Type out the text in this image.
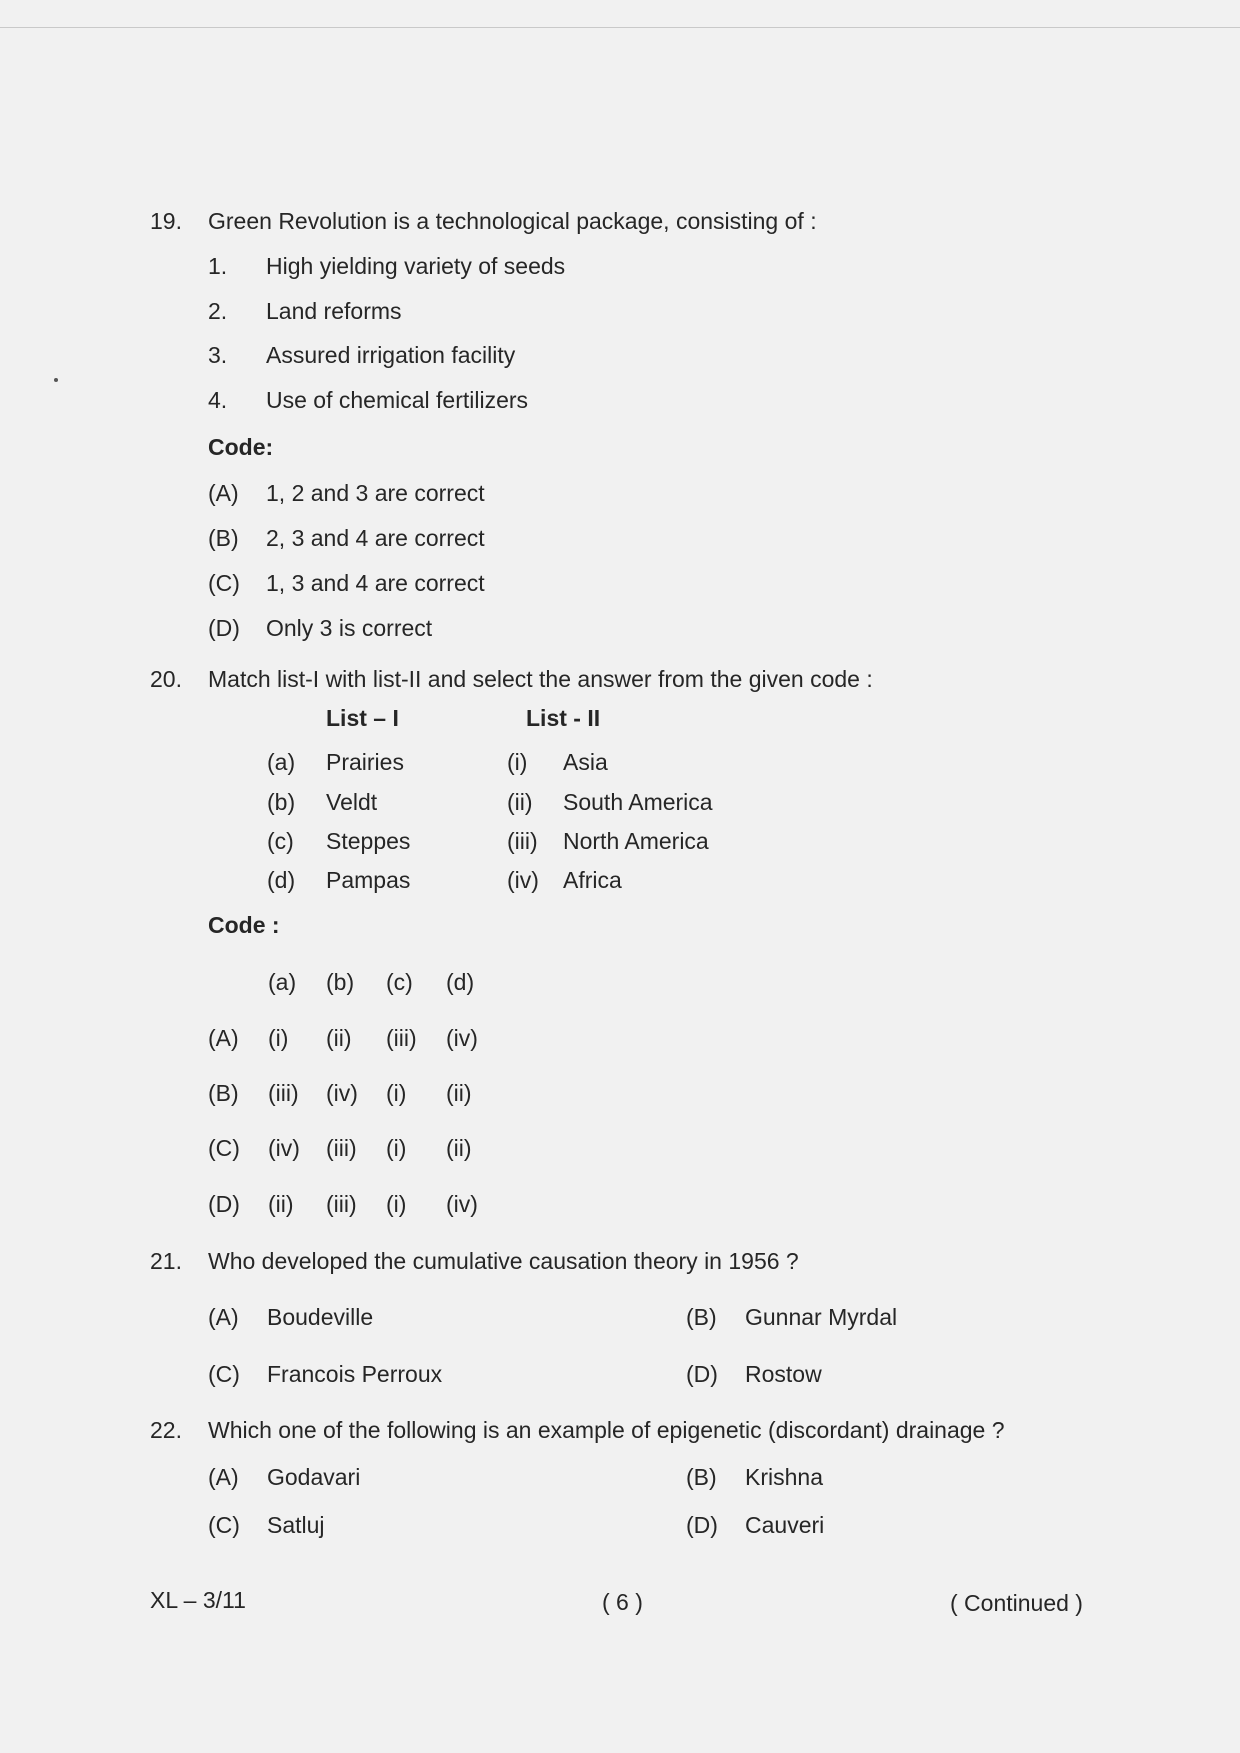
19. Green Revolution is a technological package, consisting of :
1. High yielding variety of seeds
2. Land reforms
3. Assured irrigation facility
4. Use of chemical fertilizers
Code:
(A) 1, 2 and 3 are correct
(B) 2, 3 and 4 are correct
(C) 1, 3 and 4 are correct
(D) Only 3 is correct
20. Match list-I with list-II and select the answer from the given code :
List – I	List - II
(a) Prairies	(i) Asia
(b) Veldt	(ii) South America
(c) Steppes	(iii) North America
(d) Pampas	(iv) Africa
Code :
(a) (b) (c) (d)
(A) (i) (ii) (iii) (iv)
(B) (iii) (iv) (i) (ii)
(C) (iv) (iii) (i) (ii)
(D) (ii) (iii) (i) (iv)
21. Who developed the cumulative causation theory in 1956 ?
(A) Boudeville	(B) Gunnar Myrdal
(C) Francois Perroux	(D) Rostow
22. Which one of the following is an example of epigenetic (discordant) drainage ?
(A) Godavari	(B) Krishna
(C) Satluj	(D) Cauveri
XL – 3/11	( 6 )	( Continued )
